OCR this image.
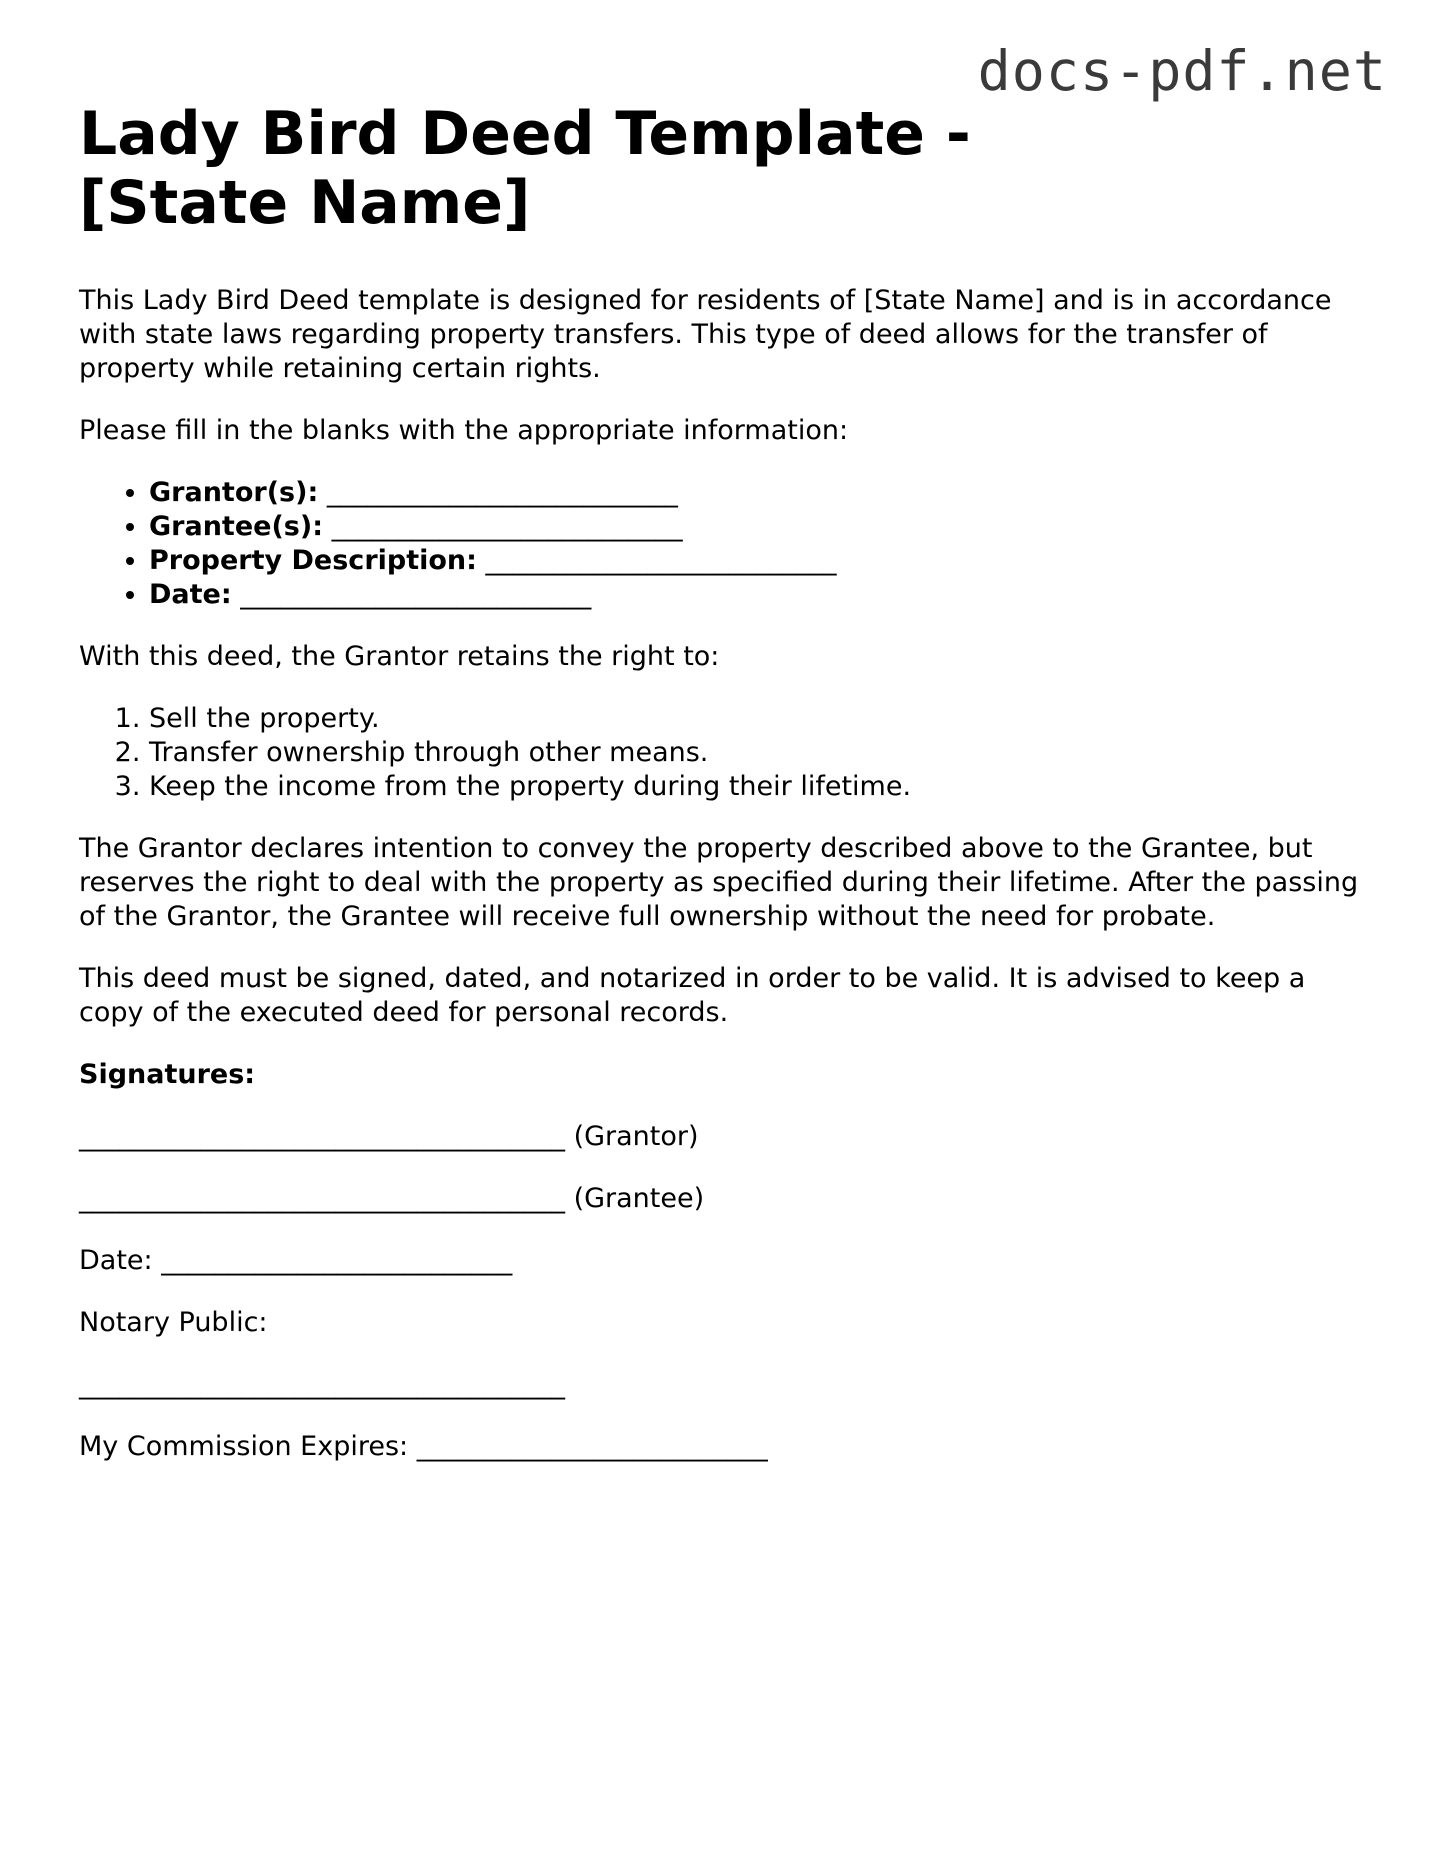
docs-pdf.net
Lady Bird Deed Template - [State Name]

This Lady Bird Deed template is designed for residents of [State Name] and is in accordance with state laws regarding property transfers. This type of deed allows for the transfer of property while retaining certain rights.

Please fill in the blanks with the appropriate information:

• Grantor(s): __________________________
• Grantee(s): __________________________
• Property Description: __________________________
• Date: __________________________

With this deed, the Grantor retains the right to:

1. Sell the property.
2. Transfer ownership through other means.
3. Keep the income from the property during their lifetime.

The Grantor declares intention to convey the property described above to the Grantee, but reserves the right to deal with the property as specified during their lifetime. After the passing of the Grantor, the Grantee will receive full ownership without the need for probate.

This deed must be signed, dated, and notarized in order to be valid. It is advised to keep a copy of the executed deed for personal records.

Signatures:

____________________________________ (Grantor)

____________________________________ (Grantee)

Date: __________________________

Notary Public:

____________________________________

My Commission Expires: __________________________
